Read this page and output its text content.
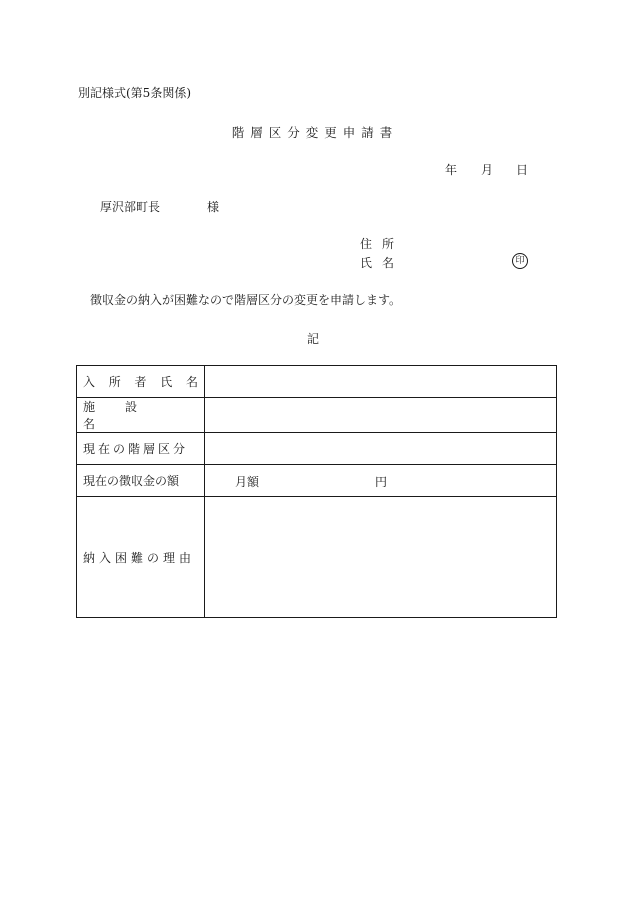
別記様式(第5条関係)
階層区分変更申請書
年 月 日
厚沢部町長	様
住所
氏名	印
徴収金の納入が困難なので階層区分の変更を申請します。
記
入 所 者 氏 名	

施設名	

現在の階層区分	

現在の徴収金の額	月額 円

納入困難の理由	
